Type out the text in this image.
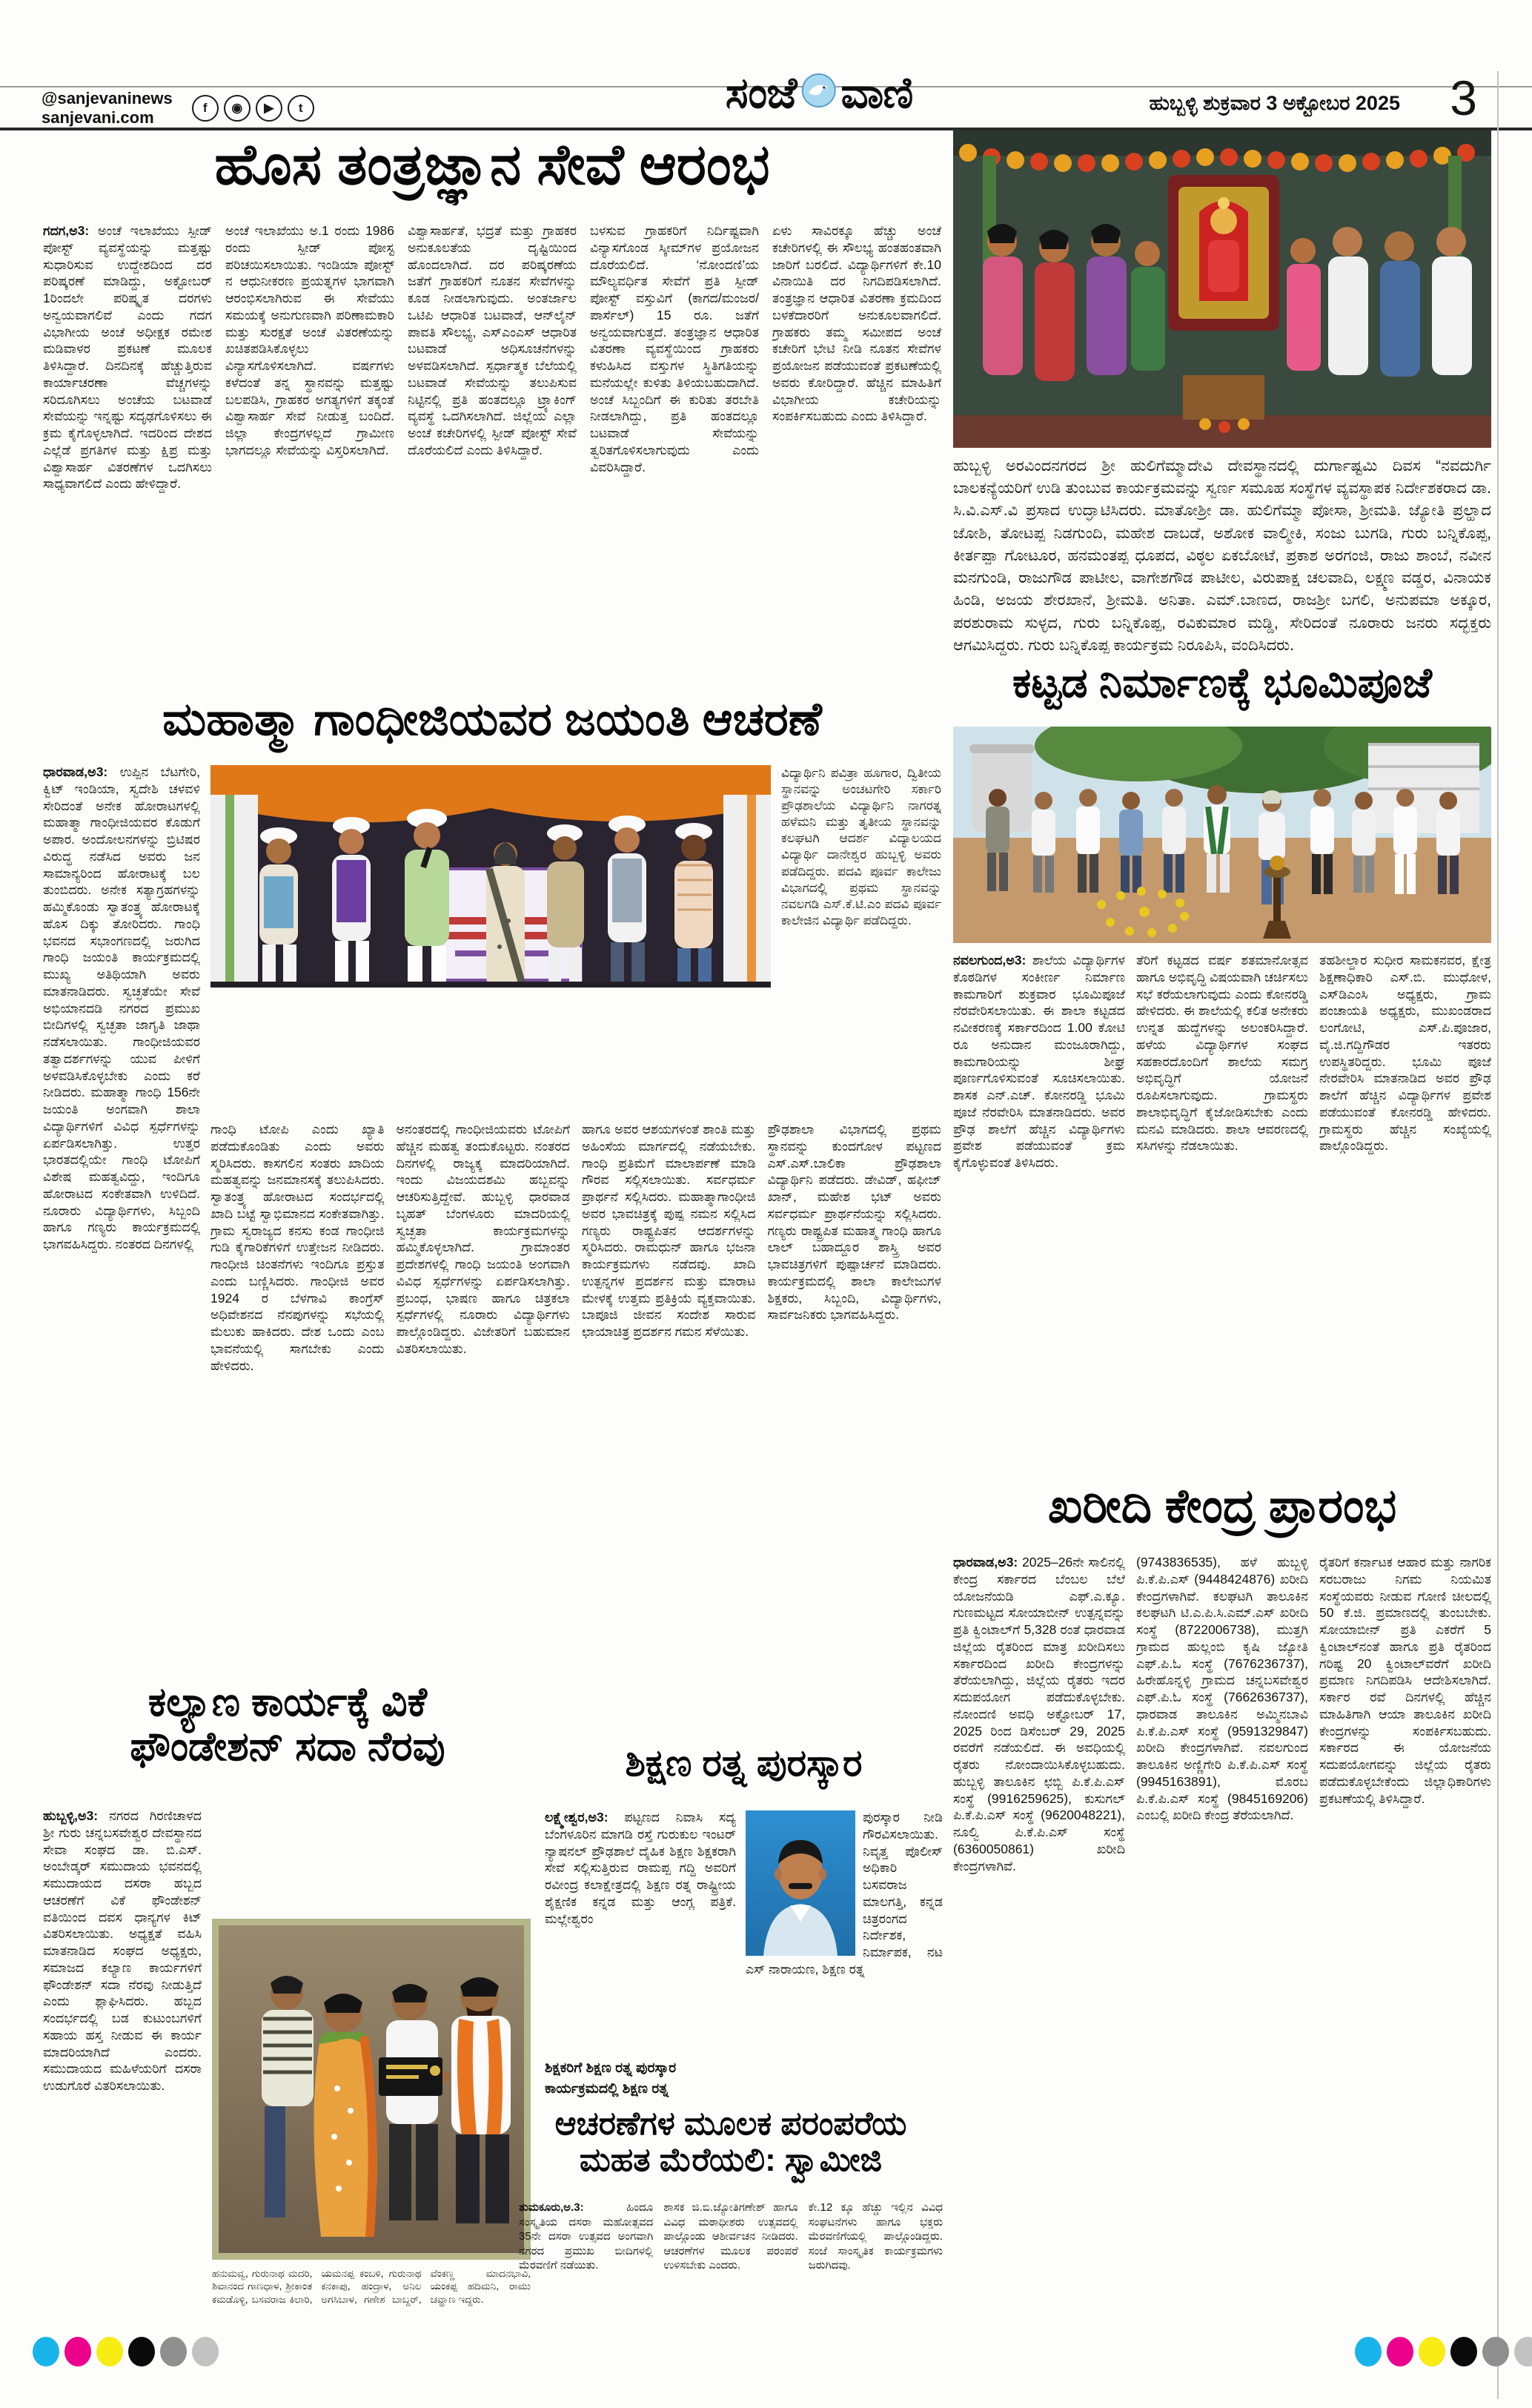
@sanjevaninews
sanjevani.com
f	◉	▶	t	ಸಂಜೆ ವಾಣಿ	ಹುಬ್ಬಳ್ಳಿ ಶುಕ್ರವಾರ 3 ಅಕ್ಟೋಬರ 2025 3
ಹೊಸ ತಂತ್ರಜ್ಞಾನ ಸೇವೆ ಆರಂಭ
ಗದಗ,ಅ3: ಅಂಚೆ ಇಲಾಖೆಯು ಸ್ಪೀಡ್ ಪೋಸ್ಟ್ ವ್ಯವಸ್ಥೆಯನ್ನು ಮತ್ತಷ್ಟು ಸುಧಾರಿಸುವ ಉದ್ದೇಶದಿಂದ ದರ ಪರಿಷ್ಕರಣೆ ಮಾಡಿದ್ದು, ಅಕ್ಟೋಬರ್ 1ರಿಂದಲೇ ಪರಿಷ್ಕೃತ ದರಗಳು ಅನ್ವಯವಾಗಲಿವೆ ಎಂದು ಗದಗ ವಿಭಾಗೀಯ ಅಂಚೆ ಅಧೀಕ್ಷಕ ರಮೇಶ ಮಡಿವಾಳರ ಪ್ರಕಟಣೆ ಮೂಲಕ ತಿಳಿಸಿದ್ದಾರೆ. ದಿನದಿನಕ್ಕೆ ಹೆಚ್ಚುತ್ತಿರುವ ಕಾರ್ಯಾಚರಣಾ ವೆಚ್ಚಗಳನ್ನು ಸರಿದೂಗಿಸಲು ಅಂಚೆಯ ಬಟವಾಡೆ ಸೇವೆಯನ್ನು ಇನ್ನಷ್ಟು ಸದೃಢಗೊಳಿಸಲು ಈ ಕ್ರಮ ಕೈಗೊಳ್ಳಲಾಗಿದೆ. ಇದರಿಂದ ದೇಶದ ಎಲ್ಲೆಡೆ ಪ್ರಗತಿಗಳ ಮತ್ತು ಕ್ಷಿಪ್ರ ಮತ್ತು ವಿಶ್ವಾಸಾರ್ಹ ವಿತರಣೆಗಳ ಒದಗಿಸಲು ಸಾಧ್ಯವಾಗಲಿದೆ ಎಂದು ಹೇಳಿದ್ದಾರೆ.
ಅಂಚೆ ಇಲಾಖೆಯು ಅ.1 ರಂದು 1986 ರಂದು ಸ್ಪೀಡ್ ಪೋಸ್ಟ ಪರಿಚಯಿಸಲಾಯಿತು. ಇಂಡಿಯಾ ಪೋಸ್ಟ್ ನ ಆಧುನೀಕರಣ ಪ್ರಯತ್ನಗಳ ಭಾಗವಾಗಿ ಆರಂಭಿಸಲಾಗಿರುವ ಈ ಸೇವೆಯು ಸಮಯಕ್ಕೆ ಅನುಗುಣವಾಗಿ ಪರಿಣಾಮಕಾರಿ ಮತ್ತು ಸುರಕ್ಷತೆ ಅಂಚೆ ವಿತರಣೆಯನ್ನು ಖಚಿತಪಡಿಸಿಕೊಳ್ಳಲು ವಿನ್ಯಾಸಗೊಳಿಸಲಾಗಿದೆ. ವರ್ಷಗಳು ಕಳೆದಂತೆ ತನ್ನ ಸ್ಥಾನವನ್ನು ಮತ್ತಷ್ಟು ಬಲಪಡಿಸಿ, ಗ್ರಾಹಕರ ಅಗತ್ಯಗಳಿಗೆ ತಕ್ಕಂತೆ ವಿಶ್ವಾಸಾರ್ಹ ಸೇವೆ ನೀಡುತ್ತ ಬಂದಿದೆ. ಜಿಲ್ಲಾ ಕೇಂದ್ರಗಳಲ್ಲದೆ ಗ್ರಾಮೀಣ ಭಾಗದಲ್ಲೂ ಸೇವೆಯನ್ನು ವಿಸ್ತರಿಸಲಾಗಿದೆ.
ವಿಶ್ವಾಸಾರ್ಹತೆ, ಭದ್ರತೆ ಮತ್ತು ಗ್ರಾಹಕರ ಅನುಕೂಲತೆಯ ದೃಷ್ಟಿಯಿಂದ ಹೊಂದಲಾಗಿದೆ. ದರ ಪರಿಷ್ಕರಣೆಯ ಜತೆಗೆ ಗ್ರಾಹಕರಿಗೆ ನೂತನ ಸೇವೆಗಳನ್ನು ಕೂಡ ನೀಡಲಾಗುವುದು. ಅಂತರ್ಜಾಲ ಒಟಿಪಿ ಆಧಾರಿತ ಬಟವಾಡೆ, ಆನ್‌ಲೈನ್ ಪಾವತಿ ಸೌಲಭ್ಯ, ಎಸ್‌ಎಂಎಸ್ ಆಧಾರಿತ ಬಟವಾಡೆ ಅಧಿಸೂಚನೆಗಳನ್ನು ಅಳವಡಿಸಲಾಗಿದೆ. ಸ್ಪರ್ಧಾತ್ಮಕ ಬೆಲೆಯಲ್ಲಿ ಬಟವಾಡೆ ಸೇವೆಯನ್ನು ತಲುಪಿಸುವ ನಿಟ್ಟಿನಲ್ಲಿ ಪ್ರತಿ ಹಂತದಲ್ಲೂ ಟ್ರ್ಯಾಕಿಂಗ್ ವ್ಯವಸ್ಥೆ ಒದಗಿಸಲಾಗಿದೆ. ಜಿಲ್ಲೆಯ ಎಲ್ಲಾ ಅಂಚೆ ಕಚೇರಿಗಳಲ್ಲಿ ಸ್ಪೀಡ್ ಪೋಸ್ಟ್ ಸೇವೆ ದೊರೆಯಲಿದೆ ಎಂದು ತಿಳಿಸಿದ್ದಾರೆ.
ಬಳಸುವ ಗ್ರಾಹಕರಿಗೆ ನಿರ್ದಿಷ್ಟವಾಗಿ ವಿನ್ಯಾಸಗೊಂಡ ಸ್ಕೀಮ್‌ಗಳ ಪ್ರಯೋಜನ ದೊರೆಯಲಿದೆ. ‘ನೋಂದಣಿ’ಯ ಮೌಲ್ಯವರ್ಧಿತ ಸೇವೆಗೆ ಪ್ರತಿ ಸ್ಪೀಡ್ ಪೋಸ್ಟ್ ವಸ್ತುವಿಗೆ (ಕಾಗದ/ಮಂಜರ/ಪಾರ್ಸೆಲ್) 15 ರೂ. ಜತೆಗೆ ಅನ್ವಯವಾಗುತ್ತದೆ. ತಂತ್ರಜ್ಞಾನ ಆಧಾರಿತ ವಿತರಣಾ ವ್ಯವಸ್ಥೆಯಿಂದ ಗ್ರಾಹಕರು ಕಳುಹಿಸಿದ ವಸ್ತುಗಳ ಸ್ಥಿತಿಗತಿಯನ್ನು ಮನೆಯಲ್ಲೇ ಕುಳಿತು ತಿಳಿಯಬಹುದಾಗಿದೆ. ಅಂಚೆ ಸಿಬ್ಬಂದಿಗೆ ಈ ಕುರಿತು ತರಬೇತಿ ನೀಡಲಾಗಿದ್ದು, ಪ್ರತಿ ಹಂತದಲ್ಲೂ ಬಟವಾಡೆ ಸೇವೆಯನ್ನು ತ್ವರಿತಗೊಳಿಸಲಾಗುವುದು ಎಂದು ವಿವರಿಸಿದ್ದಾರೆ.
ಏಳು ಸಾವಿರಕ್ಕೂ ಹೆಚ್ಚು ಅಂಚೆ ಕಚೇರಿಗಳಲ್ಲಿ ಈ ಸೌಲಭ್ಯ ಹಂತಹಂತವಾಗಿ ಜಾರಿಗೆ ಬರಲಿದೆ. ವಿದ್ಯಾರ್ಥಿಗಳಿಗೆ ಕೇ.10 ವಿನಾಯಿತಿ ದರ ನಿಗದಿಪಡಿಸಲಾಗಿದೆ. ತಂತ್ರಜ್ಞಾನ ಆಧಾರಿತ ವಿತರಣಾ ಕ್ರಮದಿಂದ ಬಳಕೆದಾರರಿಗೆ ಅನುಕೂಲವಾಗಲಿದೆ. ಗ್ರಾಹಕರು ತಮ್ಮ ಸಮೀಪದ ಅಂಚೆ ಕಚೇರಿಗೆ ಭೇಟಿ ನೀಡಿ ನೂತನ ಸೇವೆಗಳ ಪ್ರಯೋಜನ ಪಡೆಯುವಂತೆ ಪ್ರಕಟಣೆಯಲ್ಲಿ ಅವರು ಕೋರಿದ್ದಾರೆ. ಹೆಚ್ಚಿನ ಮಾಹಿತಿಗೆ ವಿಭಾಗೀಯ ಕಚೇರಿಯನ್ನು ಸಂಪರ್ಕಿಸಬಹುದು ಎಂದು ತಿಳಿಸಿದ್ದಾರೆ.
ಮಹಾತ್ಮಾ ಗಾಂಧೀಜಿಯವರ ಜಯಂತಿ ಆಚರಣೆ
ಧಾರವಾಡ,ಅ3: ಉಪ್ಪಿನ ಬೆಟಗೇರಿ, ಕ್ವಿಟ್ ಇಂಡಿಯಾ, ಸ್ವದೇಶಿ ಚಳವಳಿ ಸೇರಿದಂತೆ ಅನೇಕ ಹೋರಾಟಗಳಲ್ಲಿ ಮಹಾತ್ಮಾ ಗಾಂಧೀಜಿಯವರ ಕೊಡುಗೆ ಅಪಾರ. ಅಂದೋಲನಗಳನ್ನು ಬ್ರಿಟಿಷರ ವಿರುದ್ಧ ನಡೆಸಿದ ಅವರು ಜನ ಸಾಮಾನ್ಯರಿಂದ ಹೋರಾಟಕ್ಕೆ ಬಲ ತುಂಬಿದರು. ಅನೇಕ ಸತ್ಯಾಗ್ರಹಗಳನ್ನು ಹಮ್ಮಿಕೊಂಡು ಸ್ವಾತಂತ್ರ್ಯ ಹೋರಾಟಕ್ಕೆ ಹೊಸ ದಿಕ್ಕು ತೋರಿದರು. ಗಾಂಧಿ ಭವನದ ಸಭಾಂಗಣದಲ್ಲಿ ಜರುಗಿದ ಗಾಂಧಿ ಜಯಂತಿ ಕಾರ್ಯಕ್ರಮದಲ್ಲಿ ಮುಖ್ಯ ಅತಿಥಿಯಾಗಿ ಅವರು ಮಾತನಾಡಿದರು. ಸ್ವಚ್ಛತೆಯೇ ಸೇವೆ ಅಭಿಯಾನದಡಿ ನಗರದ ಪ್ರಮುಖ ಬೀದಿಗಳಲ್ಲಿ ಸ್ವಚ್ಛತಾ ಜಾಗೃತಿ ಜಾಥಾ ನಡೆಸಲಾಯಿತು. ಗಾಂಧೀಜಿಯವರ ತತ್ವಾದರ್ಶಗಳನ್ನು ಯುವ ಪೀಳಿಗೆ ಅಳವಡಿಸಿಕೊಳ್ಳಬೇಕು ಎಂದು ಕರೆ ನೀಡಿದರು. ಮಹಾತ್ಮಾ ಗಾಂಧಿ 156ನೇ ಜಯಂತಿ ಅಂಗವಾಗಿ ಶಾಲಾ ವಿದ್ಯಾರ್ಥಿಗಳಿಗೆ ವಿವಿಧ ಸ್ಪರ್ಧೆಗಳನ್ನು ಏರ್ಪಡಿಸಲಾಗಿತ್ತು. ಉತ್ತರ ಭಾರತದಲ್ಲಿಯೇ ಗಾಂಧಿ ಟೋಪಿಗೆ ವಿಶೇಷ ಮಹತ್ವವಿದ್ದು, ಇಂದಿಗೂ ಹೋರಾಟದ ಸಂಕೇತವಾಗಿ ಉಳಿದಿದೆ. ನೂರಾರು ವಿದ್ಯಾರ್ಥಿಗಳು, ಸಿಬ್ಬಂದಿ ಹಾಗೂ ಗಣ್ಯರು ಕಾರ್ಯಕ್ರಮದಲ್ಲಿ ಭಾಗವಹಿಸಿದ್ದರು. ನಂತರದ ದಿನಗಳಲ್ಲಿ
ವಿದ್ಯಾರ್ಥಿನಿ ಪವಿತ್ರಾ ಹೂಗಾರ, ದ್ವಿತೀಯ ಸ್ಥಾನವನ್ನು ಅಂಚಟಗೇರಿ ಸರ್ಕಾರಿ ಪ್ರೌಢಶಾಲೆಯ ವಿದ್ಯಾರ್ಥಿನಿ ನಾಗರತ್ನ ಹಳೆಮನಿ ಮತ್ತು ತೃತೀಯ ಸ್ಥಾನವನ್ನು ಕಲಘಟಗಿ ಆದರ್ಶ ವಿದ್ಯಾಲಯದ ವಿದ್ಯಾರ್ಥಿ ದಾನೇಶ್ವರ ಹುಬ್ಬಳ್ಳಿ ಅವರು ಪಡೆದಿದ್ದರು. ಪದವಿ ಪೂರ್ವ ಕಾಲೇಜು ವಿಭಾಗದಲ್ಲಿ ಪ್ರಥಮ ಸ್ಥಾನವನ್ನು ನವಲಗಡಿ ಎಸ್.ಕೆ.ಟಿ.ಎಂ ಪದವಿ ಪೂರ್ವ ಕಾಲೇಜಿನ ವಿದ್ಯಾರ್ಥಿ ಪಡೆದಿದ್ದರು.
ಗಾಂಧಿ ಟೋಪಿ ಎಂದು ಖ್ಯಾತಿ ಪಡೆದುಕೊಂಡಿತು ಎಂದು ಅವರು ಸ್ಮರಿಸಿದರು. ಕಾಸಗಲಿನ ಸಂತರು ಖಾದಿಯ ಮಹತ್ವವನ್ನು ಜನಮಾನಸಕ್ಕೆ ತಲುಪಿಸಿದರು. ಸ್ವಾತಂತ್ರ್ಯ ಹೋರಾಟದ ಸಂದರ್ಭದಲ್ಲಿ ಖಾದಿ ಬಟ್ಟೆ ಸ್ವಾಭಿಮಾನದ ಸಂಕೇತವಾಗಿತ್ತು. ಗ್ರಾಮ ಸ್ವರಾಜ್ಯದ ಕನಸು ಕಂಡ ಗಾಂಧೀಜಿ ಗುಡಿ ಕೈಗಾರಿಕೆಗಳಿಗೆ ಉತ್ತೇಜನ ನೀಡಿದರು. ಗಾಂಧೀಜಿ ಚಿಂತನೆಗಳು ಇಂದಿಗೂ ಪ್ರಸ್ತುತ ಎಂದು ಬಣ್ಣಿಸಿದರು. ಗಾಂಧೀಜಿ ಅವರ 1924 ರ ಬೆಳಗಾವಿ ಕಾಂಗ್ರೆಸ್ ಅಧಿವೇಶನದ ನೆನಪುಗಳನ್ನು ಸಭೆಯಲ್ಲಿ ಮೆಲುಕು ಹಾಕಿದರು. ದೇಶ ಒಂದು ಎಂಬ ಭಾವನೆಯಲ್ಲಿ ಸಾಗಬೇಕು ಎಂದು ಹೇಳಿದರು.
ಅನಂತರದಲ್ಲಿ ಗಾಂಧೀಜಿಯವರು ಟೋಪಿಗೆ ಹೆಚ್ಚಿನ ಮಹತ್ವ ತಂದುಕೊಟ್ಟರು. ನಂತರದ ದಿನಗಳಲ್ಲಿ ರಾಜ್ಯಕ್ಕ ಮಾದರಿಯಾಗಿದೆ. ಇಂದು ವಿಜಯದಶಮಿ ಹಬ್ಬವನ್ನು ಆಚರಿಸುತ್ತಿದ್ದೇವೆ. ಹುಬ್ಬಳ್ಳಿ ಧಾರವಾಡ ಬೃಹತ್ ಬೆಂಗಳೂರು ಮಾದರಿಯಲ್ಲಿ ಸ್ವಚ್ಛತಾ ಕಾರ್ಯಕ್ರಮಗಳನ್ನು ಹಮ್ಮಿಕೊಳ್ಳಲಾಗಿದೆ. ಗ್ರಾಮಾಂತರ ಪ್ರದೇಶಗಳಲ್ಲಿ ಗಾಂಧಿ ಜಯಂತಿ ಅಂಗವಾಗಿ ವಿವಿಧ ಸ್ಪರ್ಧೆಗಳನ್ನು ಏರ್ಪಡಿಸಲಾಗಿತ್ತು. ಪ್ರಬಂಧ, ಭಾಷಣ ಹಾಗೂ ಚಿತ್ರಕಲಾ ಸ್ಪರ್ಧೆಗಳಲ್ಲಿ ನೂರಾರು ವಿದ್ಯಾರ್ಥಿಗಳು ಪಾಲ್ಗೊಂಡಿದ್ದರು. ವಿಜೇತರಿಗೆ ಬಹುಮಾನ ವಿತರಿಸಲಾಯಿತು.
ಹಾಗೂ ಅವರ ಆಶಯಗಳಂತೆ ಶಾಂತಿ ಮತ್ತು ಅಹಿಂಸೆಯ ಮಾರ್ಗದಲ್ಲಿ ನಡೆಯಬೇಕು. ಗಾಂಧಿ ಪ್ರತಿಮೆಗೆ ಮಾಲಾರ್ಪಣೆ ಮಾಡಿ ಗೌರವ ಸಲ್ಲಿಸಲಾಯಿತು. ಸರ್ವಧರ್ಮ ಪ್ರಾರ್ಥನೆ ಸಲ್ಲಿಸಿದರು. ಮಹಾತ್ಮಾಗಾಂಧೀಜಿ ಅವರ ಭಾವಚಿತ್ರಕ್ಕೆ ಪುಷ್ಪ ನಮನ ಸಲ್ಲಿಸಿದ ಗಣ್ಯರು ರಾಷ್ಟ್ರಪಿತನ ಆದರ್ಶಗಳನ್ನು ಸ್ಮರಿಸಿದರು. ರಾಮಧುನ್ ಹಾಗೂ ಭಜನಾ ಕಾರ್ಯಕ್ರಮಗಳು ನಡೆದವು. ಖಾದಿ ಉತ್ಪನ್ನಗಳ ಪ್ರದರ್ಶನ ಮತ್ತು ಮಾರಾಟ ಮೇಳಕ್ಕೆ ಉತ್ತಮ ಪ್ರತಿಕ್ರಿಯೆ ವ್ಯಕ್ತವಾಯಿತು. ಬಾಪೂಜಿ ಜೀವನ ಸಂದೇಶ ಸಾರುವ ಛಾಯಾಚಿತ್ರ ಪ್ರದರ್ಶನ ಗಮನ ಸೆಳೆಯಿತು.
ಪ್ರೌಢಶಾಲಾ ವಿಭಾಗದಲ್ಲಿ ಪ್ರಥಮ ಸ್ಥಾನವನ್ನು ಕುಂದಗೋಳ ಪಟ್ಟಣದ ಎಸ್.ಎಸ್.ಬಾಲಿಕಾ ಪ್ರೌಢಶಾಲಾ ವಿದ್ಯಾರ್ಥಿನಿ ಪಡೆದರು. ಡೇವಿಡ್, ಹಫೀಜ್ ಖಾನ್, ಮಹೇಶ ಭಟ್ ಅವರು ಸರ್ವಧರ್ಮ ಪ್ರಾರ್ಥನೆಯನ್ನು ಸಲ್ಲಿಸಿದರು. ಗಣ್ಯರು ರಾಷ್ಟ್ರಪಿತ ಮಹಾತ್ಮ ಗಾಂಧಿ ಹಾಗೂ ಲಾಲ್ ಬಹಾದ್ದೂರ ಶಾಸ್ತ್ರಿ ಅವರ ಭಾವಚಿತ್ರಗಳಿಗೆ ಪುಷ್ಪಾರ್ಚನೆ ಮಾಡಿದರು. ಕಾರ್ಯಕ್ರಮದಲ್ಲಿ ಶಾಲಾ ಕಾಲೇಜುಗಳ ಶಿಕ್ಷಕರು, ಸಿಬ್ಬಂದಿ, ವಿದ್ಯಾರ್ಥಿಗಳು, ಸಾರ್ವಜನಿಕರು ಭಾಗವಹಿಸಿದ್ದರು.
ಕಲ್ಯಾಣ ಕಾರ್ಯಕ್ಕೆ ವಿಕೆ
ಫೌಂಡೇಶನ್ ಸದಾ ನೆರವು
ಹುಬ್ಬಳ್ಳಿ,ಅ3: ನಗರದ ಗಿರಣಿಚಾಳದ ಶ್ರೀ ಗುರು ಚನ್ನಬಸವೇಶ್ವರ ದೇವಸ್ಥಾನದ ಸೇವಾ ಸಂಘದ ಡಾ. ಬಿ.ಎಸ್. ಅಂಬೇಡ್ಕರ್ ಸಮುದಾಯ ಭವನದಲ್ಲಿ ಸಮುದಾಯದ ದಸರಾ ಹಬ್ಬದ ಆಚರಣೆಗೆ ವಿಕೆ ಫೌಂಡೇಶನ್ ವತಿಯಿಂದ ದವಸ ಧಾನ್ಯಗಳ ಕಿಟ್ ವಿತರಿಸಲಾಯಿತು. ಅಧ್ಯಕ್ಷತೆ ವಹಿಸಿ ಮಾತನಾಡಿದ ಸಂಘದ ಅಧ್ಯಕ್ಷರು, ಸಮಾಜದ ಕಲ್ಯಾಣ ಕಾರ್ಯಗಳಿಗೆ ಫೌಂಡೇಶನ್ ಸದಾ ನೆರವು ನೀಡುತ್ತಿದೆ ಎಂದು ಶ್ಲಾಘಿಸಿದರು. ಹಬ್ಬದ ಸಂದರ್ಭದಲ್ಲಿ ಬಡ ಕುಟುಂಬಗಳಿಗೆ ಸಹಾಯ ಹಸ್ತ ನೀಡುವ ಈ ಕಾರ್ಯ ಮಾದರಿಯಾಗಿದೆ ಎಂದರು. ಸಮುದಾಯದ ಮಹಿಳೆಯರಿಗೆ ದಸರಾ ಉಡುಗೊರೆ ವಿತರಿಸಲಾಯಿತು.
ಹನುಮವ್ವ, ಗುರುನಾಥ ಮದರಿ, ಶಿವಾನಂದ ಗಾಣಧಾಳ, ಶ್ರೀಕಾಂತ ಕಮಡೊಳ್ಳಿ, ಬಸವರಾಜ ಕಿಲಾರಿ, ಯಮನಪ್ಪ ಕಂಬಳಿ, ಗುರುನಾಥ ಕನಕಾಪು, ಹಂದ್ರಾಳ, ಅನಿಲ ಅಗಸಿಬಾಳ, ಗಣೇಶ ಬಾಬ್ದರ್, ವೆಂಕಣ್ಣ ಮಾದನಭಾವಿ, ಯಂಕಪ್ಪ ಹದಿಮನಿ, ರಾಮು ಚವ್ಹಾಣ ಇದ್ದರು.
ಶಿಕ್ಷಣ ರತ್ನ ಪುರಸ್ಕಾರ
ಲಕ್ಷ್ಮೇಶ್ವರ,ಅ3: ಪಟ್ಟಣದ ನಿವಾಸಿ ಸದ್ಯ ಬೆಂಗಳೂರಿನ ಮಾಗಡಿ ರಸ್ತೆ ಗುರುಕುಲ ಇಂಟರ್ ನ್ಯಾಷನಲ್ ಪ್ರೌಢಶಾಲೆ ದೈಹಿಕ ಶಿಕ್ಷಣ ಶಿಕ್ಷಕರಾಗಿ ಸೇವೆ ಸಲ್ಲಿಸುತ್ತಿರುವ ರಾಮಪ್ಪ ಗದ್ದಿ ಅವರಿಗೆ ರವೀಂದ್ರ ಕಲಾಕ್ಷೇತ್ರದಲ್ಲಿ ಶಿಕ್ಷಣ ರತ್ನ ರಾಷ್ಟ್ರೀಯ ಶೈಕ್ಷಣಿಕ ಕನ್ನಡ ಮತ್ತು ಆಂಗ್ಲ ಪತ್ರಿಕೆ. ಮಲ್ಲೇಶ್ವರಂ
ಪುರಸ್ಕಾರ ನೀಡಿ ಗೌರವಿಸಲಾಯಿತು. ನಿವೃತ್ತ ಪೊಲೀಸ್ ಅಧಿಕಾರಿ ಬಸವರಾಜ ಮಾಲಗತ್ತಿ, ಕನ್ನಡ ಚಿತ್ರರಂಗದ ನಿರ್ದೇಶಕ, ನಿರ್ಮಾಪಕ, ನಟ ಎಸ್ ನಾರಾಯಣ, ಶಿಕ್ಷಣ ರತ್ನ
ಶಿಕ್ಷಕರಿಗೆ ಶಿಕ್ಷಣ ರತ್ನ ಪುರಸ್ಕಾರ
ಕಾರ್ಯಕ್ರಮದಲ್ಲಿ ಶಿಕ್ಷಣ ರತ್ನ
ಆಚರಣೆಗಳ ಮೂಲಕ ಪರಂಪರೆಯ ಮಹತ ಮೆರೆಯಲಿ: ಸ್ವಾಮೀಜಿ
ತುಮಕೂರು,ಅ.3:	ಹಿಂದೂ ಸಂಸ್ಕೃತಿಯ ದಸರಾ ಮಹೋತ್ಸವದ 35ನೇ ದಸರಾ ಉತ್ಸವದ ಅಂಗವಾಗಿ ನಗರದ ಪ್ರಮುಖ ಬೀದಿಗಳಲ್ಲಿ ಮೆರವಣಿಗೆ ನಡೆಯಿತು.
ಶಾಸಕ ಜಿ.ಬಿ.ಜ್ಯೋತಿಗಣೇಶ್ ಹಾಗೂ ವಿವಿಧ ಮಠಾಧೀಶರು ಉತ್ಸವದಲ್ಲಿ ಪಾಲ್ಗೊಂಡು ಆಶೀರ್ವಚನ ನೀಡಿದರು. ಆಚರಣೆಗಳ ಮೂಲಕ ಪರಂಪರೆ ಉಳಿಸಬೇಕು ಎಂದರು.
ಕೇ.12 ಕ್ಕೂ ಹೆಚ್ಚು ಇಲ್ಲಿನ ವಿವಿಧ ಸಂಘಟನೆಗಳು ಹಾಗೂ ಭಕ್ತರು ಮೆರವಣಿಗೆಯಲ್ಲಿ ಪಾಲ್ಗೊಂಡಿದ್ದರು. ಸಂಜೆ ಸಾಂಸ್ಕೃತಿಕ ಕಾರ್ಯಕ್ರಮಗಳು ಜರುಗಿದವು.
ಹುಬ್ಬಳ್ಳಿ ಅರವಿಂದನಗರದ ಶ್ರೀ ಹುಲಿಗೆಮ್ಮಾದೇವಿ ದೇವಸ್ಥಾನದಲ್ಲಿ ದುರ್ಗಾಷ್ಟಮಿ ದಿವಸ “ನವದುರ್ಗಿ ಬಾಲಕನ್ಯೆಯರಿಗೆ ಉಡಿ ತುಂಬುವ ಕಾರ್ಯಕ್ರಮವನ್ನು ಸ್ವರ್ಣ ಸಮೂಹ ಸಂಸ್ಥೆಗಳ ವ್ಯವಸ್ಥಾಪಕ ನಿರ್ದೇಶಕರಾದ ಡಾ. ಸಿ.ವಿ.ಎಸ್.ವಿ ಪ್ರಸಾದ ಉದ್ಘಾಟಿಸಿದರು. ಮಾತೋಶ್ರೀ ಡಾ. ಹುಲಿಗೆಮ್ಮಾ ಪೋಸಾ, ಶ್ರೀಮತಿ. ಜ್ಯೋತಿ ಪ್ರಲ್ಹಾದ ಜೋಶಿ, ತೋಟಪ್ಪ ನಿಡಗುಂದಿ, ಮಹೇಶ ದಾಬಡೆ, ಅಶೋಕ ವಾಲ್ಮೀಕಿ, ಸಂಜು ಬುಗಡಿ, ಗುರು ಬನ್ನಿಕೊಪ್ಪ, ಕೀರ್ತಪ್ಪಾ ಗೋಟೂರ, ಹನಮಂತಪ್ಪ ಧೂಪದ, ವಿಠ್ಠಲ ಏಕಬೋಟೆ, ಪ್ರಕಾಶ ಅರಗಂಜಿ, ರಾಜು ಶಾಂಬೆ, ನವೀನ ಮನಗುಂಡಿ, ರಾಜುಗೌಡ ಪಾಟೀಲ, ವಾಗೇಶಗೌಡ ಪಾಟೀಲ, ವಿರುಪಾಕ್ಷ ಚಲವಾದಿ, ಲಕ್ಷ್ಮಣ ವಡ್ಡರ, ವಿನಾಯಕ ಹಿಂಡಿ, ಅಜಯ ಶೇರಖಾನೆ, ಶ್ರೀಮತಿ. ಅನಿತಾ. ಎಮ್.ಬಾಣದ, ರಾಜಶ್ರೀ ಬಗಲಿ, ಅನುಪಮಾ ಅಕ್ಕೂರ, ಪರಶುರಾಮ ಸುಳ್ಳದ, ಗುರು ಬನ್ನಿಕೊಪ್ಪ, ರವಿಕುಮಾರ ಮಡ್ಡಿ, ಸೇರಿದಂತೆ ನೂರಾರು ಜನರು ಸದ್ಭಕ್ತರು ಆಗಮಿಸಿದ್ದರು. ಗುರು ಬನ್ನಿಕೊಪ್ಪ ಕಾರ್ಯಕ್ರಮ ನಿರೂಪಿಸಿ, ವಂದಿಸಿದರು.
ಕಟ್ಟಡ ನಿರ್ಮಾಣಕ್ಕೆ ಭೂಮಿಪೂಜೆ
ನವಲಗುಂದ,ಅ3: ಶಾಲೆಯ ವಿದ್ಯಾರ್ಥಿಗಳ ಕೊಠಡಿಗಳ ಸಂಕೀರ್ಣ ನಿರ್ಮಾಣ ಕಾಮಗಾರಿಗೆ ಶುಕ್ರವಾರ ಭೂಮಿಪೂಜೆ ನೆರವೇರಿಸಲಾಯಿತು. ಈ ಶಾಲಾ ಕಟ್ಟಡದ ನವೀಕರಣಕ್ಕೆ ಸರ್ಕಾರದಿಂದ 1.00 ಕೋಟಿ ರೂ ಅನುದಾನ ಮಂಜೂರಾಗಿದ್ದು, ಕಾಮಗಾರಿಯನ್ನು ಶೀಘ್ರ ಪೂರ್ಣಗೊಳಿಸುವಂತೆ ಸೂಚಿಸಲಾಯಿತು. ಶಾಸಕ ಎನ್.ಎಚ್. ಕೋನರಡ್ಡಿ ಭೂಮಿ ಪೂಜೆ ನೆರವೇರಿಸಿ ಮಾತನಾಡಿದರು. ಅವರ ಪ್ರೌಢ ಶಾಲೆಗೆ ಹೆಚ್ಚಿನ ವಿದ್ಯಾರ್ಥಿಗಳು ಪ್ರವೇಶ ಪಡೆಯುವಂತೆ ಕ್ರಮ ಕೈಗೊಳ್ಳುವಂತೆ ತಿಳಿಸಿದರು.
ತೆರಿಗೆ ಕಟ್ಟಡದ ವರ್ಷ ಶತಮಾನೋತ್ಸವ ಹಾಗೂ ಅಭಿವೃದ್ಧಿ ವಿಷಯವಾಗಿ ಚರ್ಚಿಸಲು ಸಭೆ ಕರೆಯಲಾಗುವುದು ಎಂದು ಕೋನರಡ್ಡಿ ಹೇಳಿದರು. ಈ ಶಾಲೆಯಲ್ಲಿ ಕಲಿತ ಅನೇಕರು ಉನ್ನತ ಹುದ್ದೆಗಳನ್ನು ಅಲಂಕರಿಸಿದ್ದಾರೆ. ಹಳೆಯ ವಿದ್ಯಾರ್ಥಿಗಳ ಸಂಘದ ಸಹಕಾರದೊಂದಿಗೆ ಶಾಲೆಯ ಸಮಗ್ರ ಅಭಿವೃದ್ಧಿಗೆ ಯೋಜನೆ ರೂಪಿಸಲಾಗುವುದು. ಗ್ರಾಮಸ್ಥರು ಶಾಲಾಭಿವೃದ್ಧಿಗೆ ಕೈಜೋಡಿಸಬೇಕು ಎಂದು ಮನವಿ ಮಾಡಿದರು. ಶಾಲಾ ಆವರಣದಲ್ಲಿ ಸಸಿಗಳನ್ನು ನೆಡಲಾಯಿತು.
ತಹಶೀಲ್ದಾರ ಸುಧೀರ ಸಾಮಕನವರ, ಕ್ಷೇತ್ರ ಶಿಕ್ಷಣಾಧಿಕಾರಿ ಎಸ್.ಬಿ. ಮುಧೋಳ, ಎಸ್‌ಡಿಎಂಸಿ ಅಧ್ಯಕ್ಷರು, ಗ್ರಾಮ ಪಂಚಾಯತಿ ಅಧ್ಯಕ್ಷರು, ಮುಖಂಡರಾದ ಲಂಗೋಟಿ, ಎಸ್.ಪಿ.ಪೂಜಾರ, ವೈ.ಜಿ.ಗದ್ದಿಗೌಡರ ಇತರರು ಉಪಸ್ಥಿತರಿದ್ದರು. ಭೂಮಿ ಪೂಜೆ ನೇರವೇರಿಸಿ ಮಾತನಾಡಿದ ಅವರ ಪ್ರೌಢ ಶಾಲೆಗೆ ಹೆಚ್ಚಿನ ವಿದ್ಯಾರ್ಥಿಗಳ ಪ್ರವೇಶ ಪಡೆಯುವಂತೆ ಕೋನರಡ್ಡಿ ಹೇಳಿದರು. ಗ್ರಾಮಸ್ಥರು ಹೆಚ್ಚಿನ ಸಂಖ್ಯೆಯಲ್ಲಿ ಪಾಲ್ಗೊಂಡಿದ್ದರು.
ಖರೀದಿ ಕೇಂದ್ರ ಪ್ರಾರಂಭ
ಧಾರವಾಡ,ಅ3: 2025–26ನೇ ಸಾಲಿನಲ್ಲಿ ಕೇಂದ್ರ ಸರ್ಕಾರದ ಬೆಂಬಲ ಬೆಲೆ ಯೋಜನೆಯಡಿ ಎಫ್.ಎ.ಕ್ಯೂ. ಗುಣಮಟ್ಟದ ಸೋಯಾಬೀನ್ ಉತ್ಪನ್ನವನ್ನು ಪ್ರತಿ ಕ್ವಿಂಟಾಲ್‌ಗೆ 5,328 ರಂತೆ ಧಾರವಾಡ ಜಿಲ್ಲೆಯ ರೈತರಿಂದ ಮಾತ್ರ ಖರೀದಿಸಲು ಸರ್ಕಾರದಿಂದ ಖರೀದಿ ಕೇಂದ್ರಗಳನ್ನು ತೆರೆಯಲಾಗಿದ್ದು, ಜಿಲ್ಲೆಯ ರೈತರು ಇದರ ಸದುಪಯೋಗ ಪಡೆದುಕೊಳ್ಳಬೇಕು. ನೋಂದಣಿ ಅವಧಿ ಅಕ್ಟೋಬರ್ 17, 2025 ರಿಂದ ಡಿಸೆಂಬರ್ 29, 2025 ರವರೆಗೆ ನಡೆಯಲಿದೆ. ಈ ಅವಧಿಯಲ್ಲಿ ರೈತರು ನೋಂದಾಯಿಸಿಕೊಳ್ಳಬಹುದು. ಹುಬ್ಬಳ್ಳಿ ತಾಲೂಕಿನ ಛಬ್ಬಿ ಪಿ.ಕೆ.ಪಿ.ಎಸ್ ಸಂಸ್ಥೆ (9916259625), ಕುಸುಗಲ್ ಪಿ.ಕೆ.ಪಿ.ಎಸ್ ಸಂಸ್ಥೆ (9620048221), ನೂಲ್ವಿ ಪಿ.ಕೆ.ಪಿ.ಎಸ್ ಸಂಸ್ಥೆ (6360050861) ಖರೀದಿ ಕೇಂದ್ರಗಳಾಗಿವೆ.
(9743836535), ಹಳೆ ಹುಬ್ಬಳ್ಳಿ ಪಿ.ಕೆ.ಪಿ.ಎಸ್ (9448424876) ಖರೀದಿ ಕೇಂದ್ರಗಳಾಗಿವೆ. ಕಲಘಟಗಿ ತಾಲೂಕಿನ ಕಲಘಟಗಿ ಟಿ.ಎ.ಪಿ.ಸಿ.ಎಮ್.ಎಸ್ ಖರೀದಿ ಸಂಸ್ಥೆ (8722006738), ಮುತ್ತಗಿ ಗ್ರಾಮದ ಹುಲ್ಲಂಬಿ ಕೃಷಿ ಜ್ಯೋತಿ ಎಫ್.ಪಿ.ಓ ಸಂಸ್ಥೆ (7676236737), ಹಿರೇಹೊನ್ನಳ್ಳಿ ಗ್ರಾಮದ ಚನ್ನಬಸವೇಶ್ವರ ಎಫ್.ಪಿ.ಓ ಸಂಸ್ಥೆ (7662636737), ಧಾರವಾಡ ತಾಲೂಕಿನ ಅಮ್ಮಿನಬಾವಿ ಪಿ.ಕೆ.ಪಿ.ಎಸ್ ಸಂಸ್ಥೆ (9591329847) ಖರೀದಿ ಕೇಂದ್ರಗಳಾಗಿವೆ. ನವಲಗುಂದ ತಾಲೂಕಿನ ಅಣ್ಣಿಗೇರಿ ಪಿ.ಕೆ.ಪಿ.ಎಸ್ ಸಂಸ್ಥೆ (9945163891), ಮೊರಬ ಪಿ.ಕೆ.ಪಿ.ಎಸ್ ಸಂಸ್ಥೆ (9845169206) ಎಂಬಲ್ಲಿ ಖರೀದಿ ಕೇಂದ್ರ ತೆರೆಯಲಾಗಿದೆ.
ರೈತರಿಗೆ ಕರ್ನಾಟಕ ಆಹಾರ ಮತ್ತು ನಾಗರಿಕ ಸರಬರಾಜು ನಿಗಮ ನಿಯಮಿತ ಸಂಸ್ಥೆಯವರು ನೀಡುವ ಗೋಣಿ ಚೀಲದಲ್ಲಿ 50 ಕೆ.ಜಿ. ಪ್ರಮಾಣದಲ್ಲಿ ತುಂಬಬೇಕು. ಸೋಯಾಬೀನ್ ಪ್ರತಿ ಎಕರೆಗೆ 5 ಕ್ವಿಂಟಾಲ್‌ನಂತೆ ಹಾಗೂ ಪ್ರತಿ ರೈತರಿಂದ ಗರಿಷ್ಟ 20 ಕ್ವಿಂಟಾಲ್‌ವರೆಗೆ ಖರೀದಿ ಪ್ರಮಾಣ ನಿಗದಿಪಡಿಸಿ ಆದೇಶಿಸಲಾಗಿದೆ. ಸರ್ಕಾರ ರವೆ ದಿನಗಳಲ್ಲಿ ಹೆಚ್ಚಿನ ಮಾಹಿತಿಗಾಗಿ ಆಯಾ ತಾಲೂಕಿನ ಖರೀದಿ ಕೇಂದ್ರಗಳನ್ನು ಸಂಪರ್ಕಿಸಬಹುದು. ಸರ್ಕಾರದ ಈ ಯೋಜನೆಯ ಸದುಪಯೋಗವನ್ನು ಜಿಲ್ಲೆಯ ರೈತರು ಪಡೆದುಕೊಳ್ಳಬೇಕೆಂದು ಜಿಲ್ಲಾಧಿಕಾರಿಗಳು ಪ್ರಕಟಣೆಯಲ್ಲಿ ತಿಳಿಸಿದ್ದಾರೆ.
